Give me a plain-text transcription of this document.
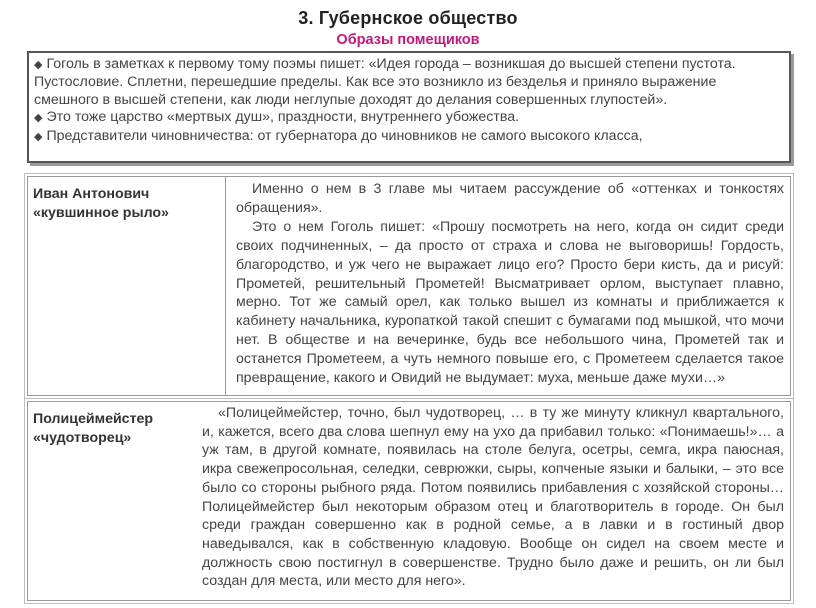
3. Губернское общество
Образы помещиков

◆ Гоголь в заметках к первому тому поэмы пишет: «Идея города – возникшая до высшей степени пустота. Пустословие. Сплетни, перешедшие пределы. Как все это возникло из безделья и приняло выражение смешного в высшей степени, как люди неглупые доходят до делания совершенных глупостей».

◆ Это тоже царство «мертвых душ», праздности, внутреннего убожества.

◆ Представители чиновничества: от губернатора до чиновников не самого высокого класса,

Иван Антонович
«кувшинное рыло»

Именно о нем в 3 главе мы читаем рассуждение об «оттенках и тонкостях обращения».

Это о нем Гоголь пишет: «Прошу посмотреть на него, когда он сидит среди своих подчиненных, – да просто от страха и слова не выговоришь! Гордость, благородство, и уж чего не выражает лицо его? Просто бери кисть, да и рисуй: Прометей, решительный Прометей! Высматривает орлом, выступает плавно, мерно. Тот же самый орел, как только вышел из комнаты и приближается к кабинету начальника, куропаткой такой спешит с бумагами под мышкой, что мочи нет. В обществе и на вечеринке, будь все небольшого чина, Прометей так и останется Прометеем, а чуть немного повыше его, с Прометеем сделается такое превращение, какого и Овидий не выдумает: муха, меньше даже мухи…»

Полицеймейстер
«чудотворец»

«Полицеймейстер, точно, был чудотворец, … в ту же минуту кликнул квартального, и, кажется, всего два слова шепнул ему на ухо да прибавил только: «Понимаешь!»… а уж там, в другой комнате, появилась на столе белуга, осетры, семга, икра паюсная, икра свежепросольная, селедки, севрюжки, сыры, копченые языки и балыки, – это все было со стороны рыбного ряда. Потом появились прибавления с хозяйской стороны… Полицеймейстер был некоторым образом отец и благотворитель в городе. Он был среди граждан совершенно как в родной семье, а в лавки и в гостиный двор наведывался, как в собственную кладовую. Вообще он сидел на своем месте и должность свою постигнул в совершенстве. Трудно было даже и решить, он ли был создан для места, или место для него».
